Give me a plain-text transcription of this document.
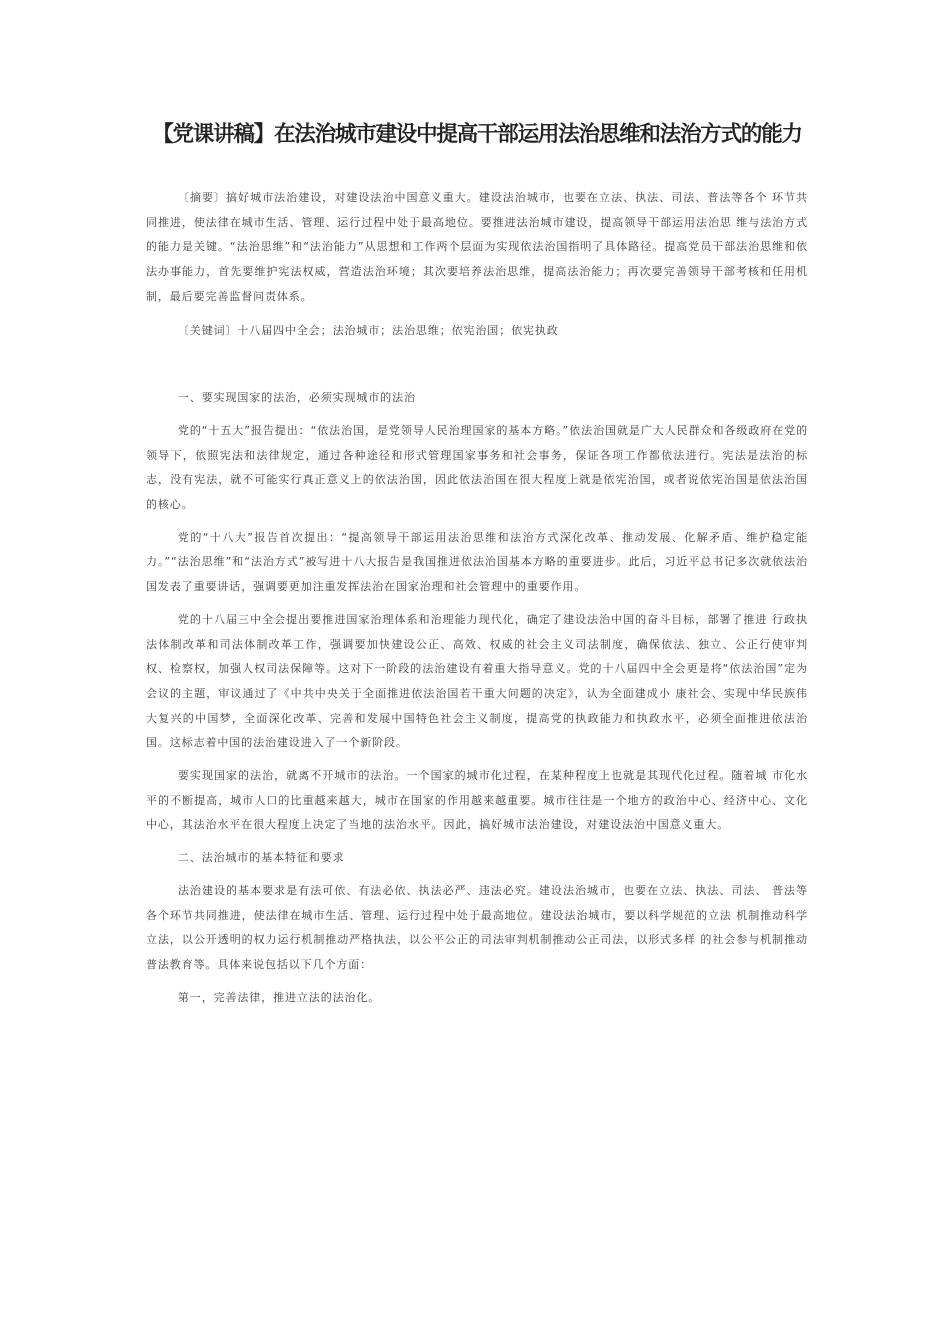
【党课讲稿】在法治城市建设中提高干部运用法治思维和法治方式的能力

〔摘要〕搞好城市法治建设，对建设法治中国意义重大。建设法治城市，也要在立法、执法、司法、普法等各个 环节共同推进，使法律在城市生活、管理、运行过程中处于最高地位。要推进法治城市建设，提高领导干部运用法治思 维与法治方式的能力是关键。“法治思维”和“法治能力”从思想和工作两个层面为实现依法治国指明了具体路径。提高党员干部法治思维和依法办事能力，首先要维护宪法权威，营造法治环境；其次要培养法治思维，提高法治能力；再次要完善领导干部考核和任用机制，最后要完善监督问责体系。

〔关键词〕十八届四中全会；法治城市；法治思维；依宪治国；依宪执政

一、要实现国家的法治，必须实现城市的法治

党的“十五大”报告提出：“依法治国，是党领导人民治理国家的基本方略。”依法治国就是广大人民群众和各级政府在党的领导下，依照宪法和法律规定，通过各种途径和形式管理国家事务和社会事务，保证各项工作都依法进行。宪法是法治的标志，没有宪法，就不可能实行真正意义上的依法治国，因此依法治国在很大程度上就是依宪治国，或者说依宪治国是依法治国的核心。

党的“十八大”报告首次提出：“提高领导干部运用法治思维和法治方式深化改革、推动发展、化解矛盾、维护稳定能力。”“法治思维”和“法治方式”被写进十八大报告是我国推进依法治国基本方略的重要进步。此后，习近平总书记多次就依法治国发表了重要讲话，强调要更加注重发挥法治在国家治理和社会管理中的重要作用。

党的十八届三中全会提出要推进国家治理体系和治理能力现代化，确定了建设法治中国的奋斗目标，部署了推进 行政执法体制改革和司法体制改革工作，强调要加快建设公正、高效、权威的社会主义司法制度，确保依法、独立、公正行使审判权、检察权，加强人权司法保障等。这对下一阶段的法治建设有着重大指导意义。党的十八届四中全会更是将“依法治国”定为会议的主题，审议通过了《中共中央关于全面推进依法治国若干重大问题的决定》，认为全面建成小 康社会、实现中华民族伟大复兴的中国梦，全面深化改革、完善和发展中国特色社会主义制度，提高党的执政能力和执政水平，必须全面推进依法治国。这标志着中国的法治建设进入了一个新阶段。

要实现国家的法治，就离不开城市的法治。一个国家的城市化过程，在某种程度上也就是其现代化过程。随着城 市化水平的不断提高，城市人口的比重越来越大，城市在国家的作用越来越重要。城市往往是一个地方的政治中心、经济中心、文化中心，其法治水平在很大程度上决定了当地的法治水平。因此，搞好城市法治建设，对建设法治中国意义重大。

二、法治城市的基本特征和要求

法治建设的基本要求是有法可依、有法必依、执法必严、违法必究。建设法治城市，也要在立法、执法、司法、 普法等各个环节共同推进，使法律在城市生活、管理、运行过程中处于最高地位。建设法治城市，要以科学规范的立法 机制推动科学立法，以公开透明的权力运行机制推动严格执法，以公平公正的司法审判机制推动公正司法，以形式多样 的社会参与机制推动普法教育等。具体来说包括以下几个方面：

第一，完善法律，推进立法的法治化。
